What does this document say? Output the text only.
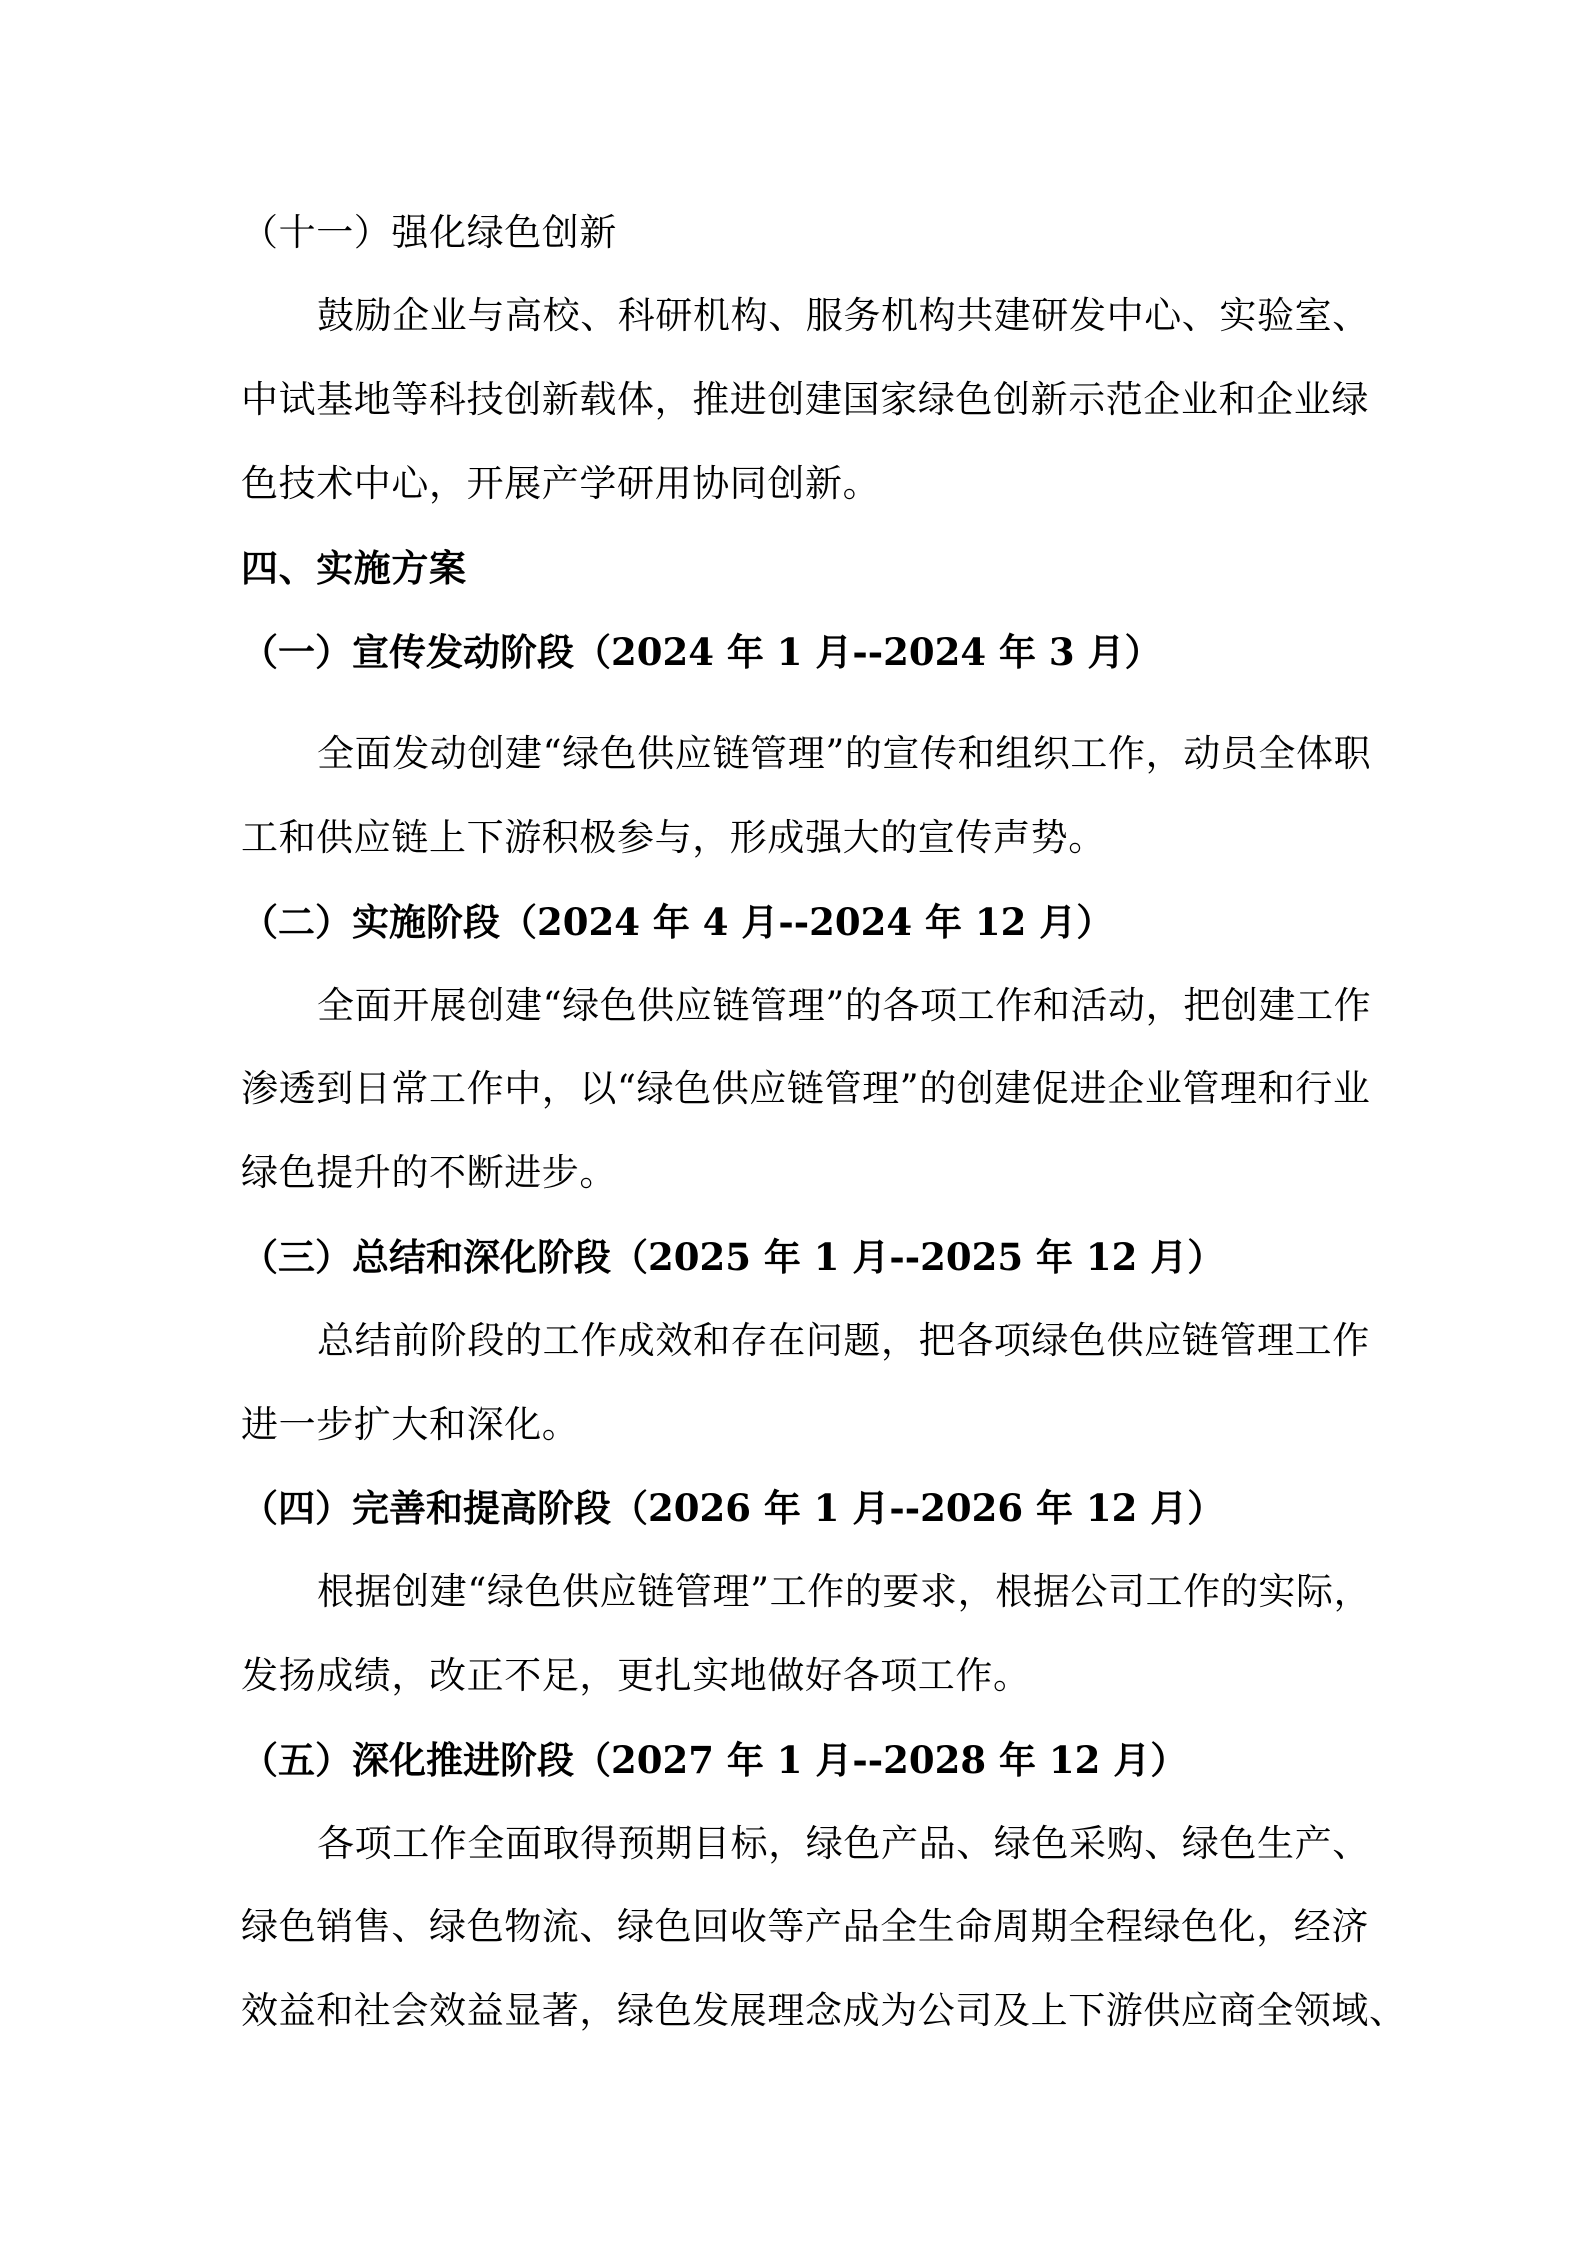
（十一）强化绿色创新
鼓励企业与高校、科研机构、服务机构共建研发中心、实验室、
中试基地等科技创新载体，推进创建国家绿色创新示范企业和企业绿
色技术中心，开展产学研用协同创新。
四、实施方案
（一）宣传发动阶段（2024 年 1 月--2024 年 3 月）
全面发动创建“绿色供应链管理”的宣传和组织工作，动员全体职
工和供应链上下游积极参与，形成强大的宣传声势。
（二）实施阶段（2024 年 4 月--2024 年 12 月）
全面开展创建“绿色供应链管理”的各项工作和活动，把创建工作
渗透到日常工作中，以“绿色供应链管理”的创建促进企业管理和行业
绿色提升的不断进步。
（三）总结和深化阶段（2025 年 1 月--2025 年 12 月）
总结前阶段的工作成效和存在问题，把各项绿色供应链管理工作
进一步扩大和深化。
（四）完善和提高阶段（2026 年 1 月--2026 年 12 月）
根据创建“绿色供应链管理”工作的要求，根据公司工作的实际，
发扬成绩，改正不足，更扎实地做好各项工作。
（五）深化推进阶段（2027 年 1 月--2028 年 12 月）
各项工作全面取得预期目标，绿色产品、绿色采购、绿色生产、
绿色销售、绿色物流、绿色回收等产品全生命周期全程绿色化，经济
效益和社会效益显著，绿色发展理念成为公司及上下游供应商全领域、
